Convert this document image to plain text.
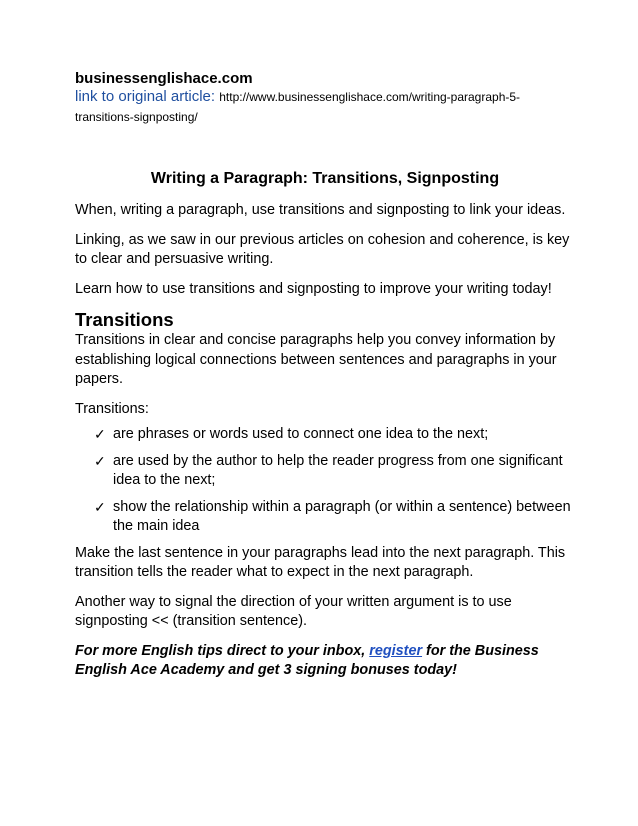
businessenglishace.com
link to original article: http://www.businessenglishace.com/writing-paragraph-5-
transitions-signposting/
Writing a Paragraph: Transitions, Signposting

When, writing a paragraph, use transitions and signposting to link your ideas.

Linking, as we saw in our previous articles on cohesion and coherence, is key to clear and persuasive writing.

Learn how to use transitions and signposting to improve your writing today!

Transitions

Transitions in clear and concise paragraphs help you convey information by establishing logical connections between sentences and paragraphs in your papers.

Transitions:

✓ are phrases or words used to connect one idea to the next;
✓ are used by the author to help the reader progress from one significant idea to the next;
✓ show the relationship within a paragraph (or within a sentence) between the main idea

Make the last sentence in your paragraphs lead into the next paragraph. This transition tells the reader what to expect in the next paragraph.

Another way to signal the direction of your written argument is to use signposting << (transition sentence).

For more English tips direct to your inbox, register for the Business English Ace Academy and get 3 signing bonuses today!
